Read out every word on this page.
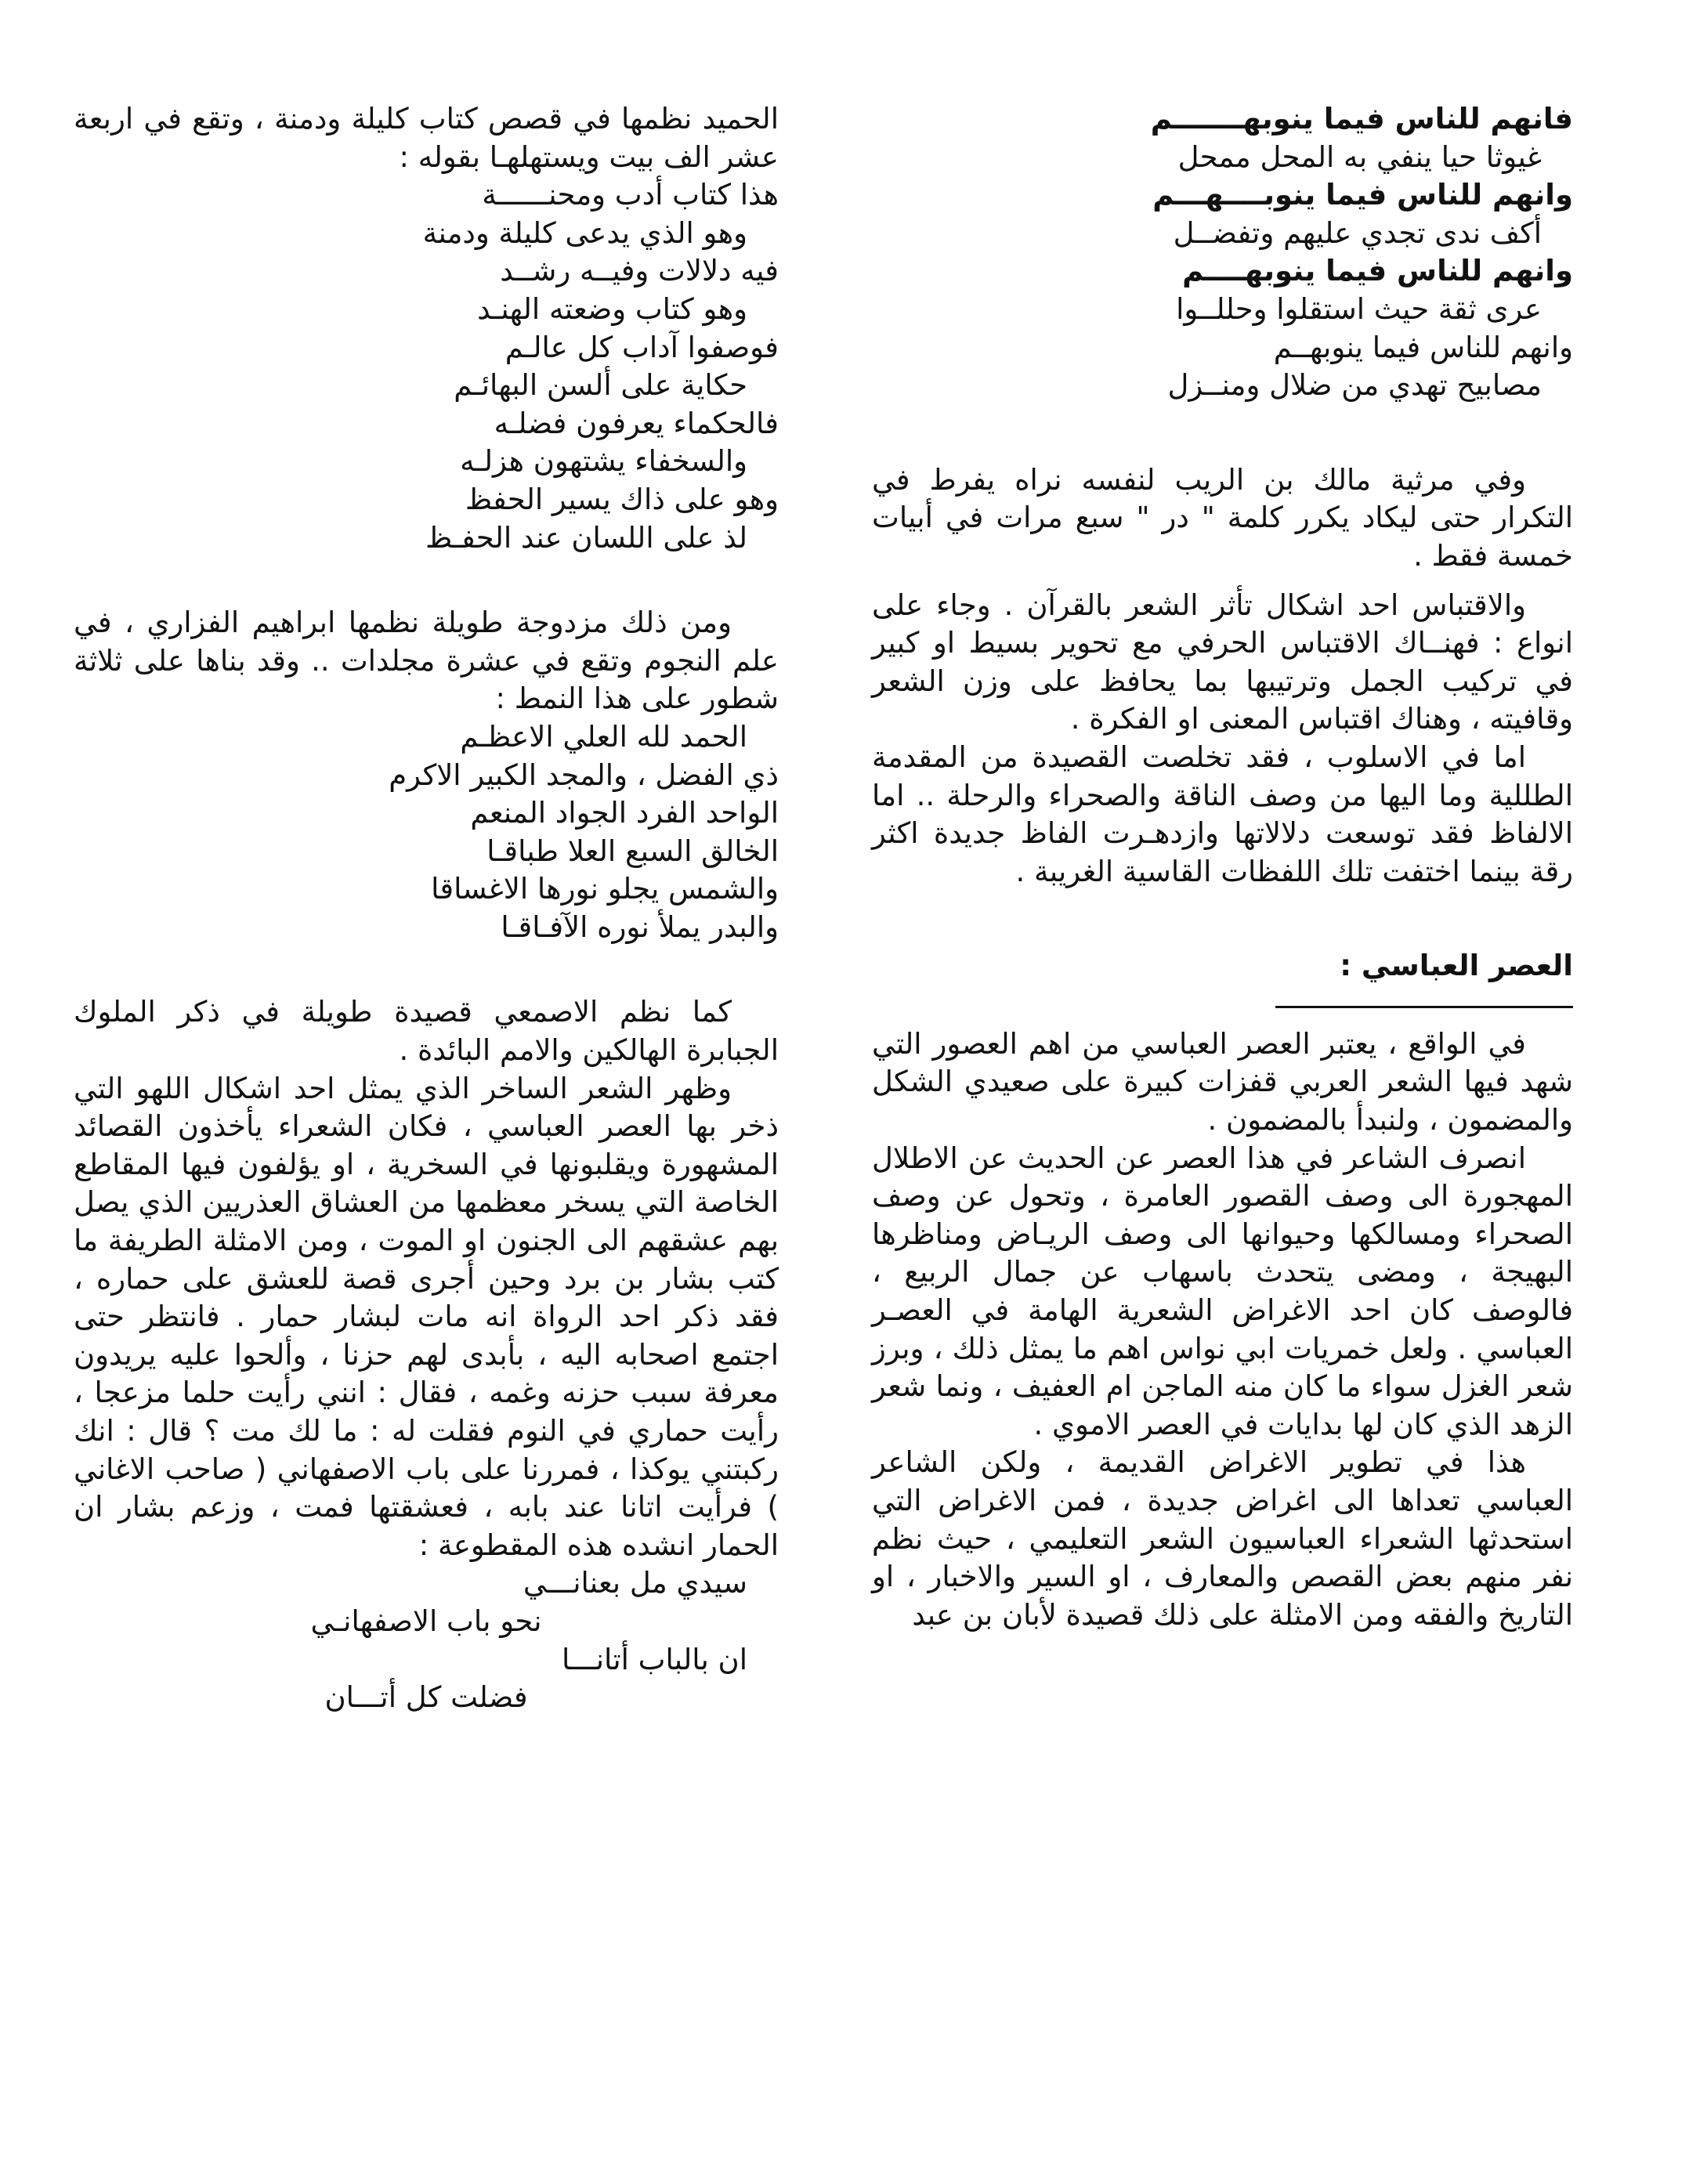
فانهم للناس فيما ينوبهـــــــم

غيوثا حيا ينفي به المحل ممحل

وانهم للناس فيما ينوبــــهـــم

أكف ندى تجدي عليهم وتفضــل

وانهم للناس فيما ينوبهــــم

عرى ثقة حيث استقلوا وحللــوا

وانهم للناس فيما ينوبهــم

مصابيح تهدي من ضلال ومنــزل

وفي مرثية مالك بن الريب لنفسه نراه يفرط في التكرار حتى ليكاد يكرر كلمة " در " سبع مرات في أبيات خمسة فقط .

والاقتباس احد اشكال تأثر الشعر بالقرآن . وجاء على انواع : فهنــاك الاقتباس الحرفي مع تحوير بسيط او كبير في تركيب الجمل وترتيبها بما يحافظ على وزن الشعر وقافيته ، وهناك اقتباس المعنى او الفكرة .

اما في الاسلوب ، فقد تخلصت القصيدة من المقدمة الطللية وما اليها من وصف الناقة والصحراء والرحلة .. اما الالفاظ فقد توسعت دلالاتها وازدهـرت الفاظ جديدة اكثر رقة بينما اختفت تلك اللفظات القاسية الغريبة .

العصر العباسي :

في الواقع ، يعتبر العصر العباسي من اهم العصور التي شهد فيها الشعر العربي قفزات كبيرة على صعيدي الشكل والمضمون ، ولنبدأ بالمضمون .

انصرف الشاعر في هذا العصر عن الحديث عن الاطلال المهجورة الى وصف القصور العامرة ، وتحول عن وصف الصحراء ومسالكها وحيوانها الى وصف الريـاض ومناظرها البهيجة ، ومضى يتحدث باسهاب عن جمال الربيع ، فالوصف كان احد الاغراض الشعرية الهامة في العصـر العباسي . ولعل خمريات ابي نواس اهم ما يمثل ذلك ، وبرز شعر الغزل سواء ما كان منه الماجن ام العفيف ، ونما شعر الزهد الذي كان لها بدايات في العصر الاموي .

هذا في تطوير الاغراض القديمة ، ولكن الشاعر العباسي تعداها الى اغراض جديدة ، فمن الاغراض التي استحدثها الشعراء العباسيون الشعر التعليمي ، حيث نظم نفر منهم بعض القصص والمعارف ، او السير والاخبار ، او التاريخ والفقه ومن الامثلة على ذلك قصيدة لأبان بن عبد

الحميد نظمها في قصص كتاب كليلة ودمنة ، وتقع في اربعة عشر الف بيت ويستهلهـا بقوله :

هذا كتاب أدب ومحنــــــة

وهو الذي يدعى كليلة ودمنة

فيه دلالات وفيــه رشــد

وهو كتاب وضعته الهنـد

فوصفوا آداب كل عالـم

حكاية على ألسن البهائـم

فالحكماء يعرفون فضلـه

والسخفاء يشتهون هزلـه

وهو على ذاك يسير الحفظ

لذ على اللسان عند الحفـظ

ومن ذلك مزدوجة طويلة نظمها ابراهيم الفزاري ، في علم النجوم وتقع في عشرة مجلدات .. وقد بناها على ثلاثة شطور على هذا النمط :

الحمد لله العلي الاعظـم

ذي الفضل ، والمجد الكبير الاكرم

الواحد الفرد الجواد المنعم

الخالق السبع العلا طباقـا

والشمس يجلو نورها الاغساقا

والبدر يملأ نوره الآفـاقـا

كما نظم الاصمعي قصيدة طويلة في ذكر الملوك الجبابرة الهالكين والامم البائدة .

وظهر الشعر الساخر الذي يمثل احد اشكال اللهو التي ذخر بها العصر العباسي ، فكان الشعراء يأخذون القصائد المشهورة ويقلبونها في السخرية ، او يؤلفون فيها المقاطع الخاصة التي يسخر معظمها من العشاق العذريين الذي يصل بهم عشقهم الى الجنون او الموت ، ومن الامثلة الطريفة ما كتب بشار بن برد وحين أجرى قصة للعشق على حماره ، فقد ذكر احد الرواة انه مات لبشار حمار . فانتظر حتى اجتمع اصحابه اليه ، بأبدى لهم حزنا ، وألحوا عليه يريدون معرفة سبب حزنه وغمه ، فقال : انني رأيت حلما مزعجا ، رأيت حماري في النوم فقلت له : ما لك مت ؟ قال : انك ركبتني يوكذا ، فمررنا على باب الاصفهاني ( صاحب الاغاني ) فرأيت اتانا عند بابه ، فعشقتها فمت ، وزعم بشار ان الحمار انشده هذه المقطوعة :

سيدي مل بعنانـــي

نحو باب الاصفهانـي

ان بالباب أتانـــا

فضلت كل أتـــان
